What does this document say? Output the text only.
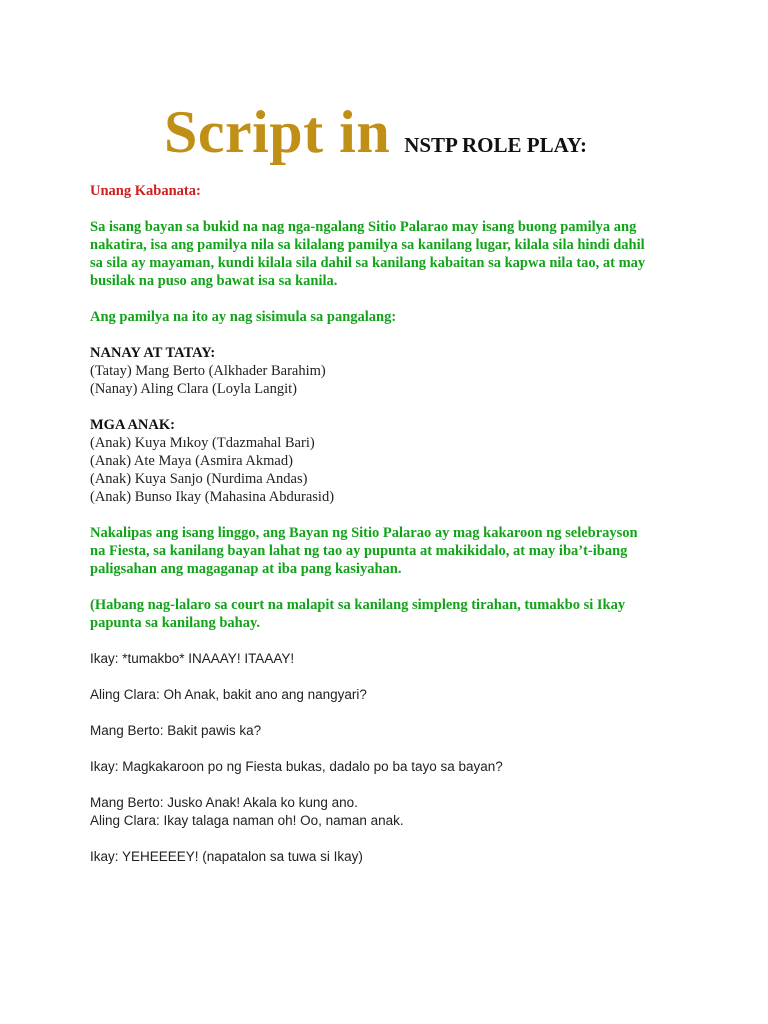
Script in NSTP ROLE PLAY:

Unang Kabanata:

Sa isang bayan sa bukid na nag nga-ngalang Sitio Palarao may isang buong pamilya ang

nakatira, isa ang pamilya nila sa kilalang pamilya sa kanilang lugar, kilala sila hindi dahil

sa sila ay mayaman, kundi kilala sila dahil sa kanilang kabaitan sa kapwa nila tao, at may

busilak na puso ang bawat isa sa kanila.

Ang pamilya na ito ay nag sisimula sa pangalang:

NANAY AT TATAY:

(Tatay) Mang Berto (Alkhader Barahim)

(Nanay) Aling Clara (Loyla Langit)

MGA ANAK:

(Anak) Kuya Mıkoy (Tdazmahal Bari)

(Anak) Ate Maya (Asmira Akmad)

(Anak) Kuya Sanjo (Nurdima Andas)

(Anak) Bunso Ikay (Mahasina Abdurasid)

Nakalipas ang isang linggo, ang Bayan ng Sitio Palarao ay mag kakaroon ng selebrayson

na Fiesta, sa kanilang bayan lahat ng tao ay pupunta at makikidalo, at may iba’t-ibang

paligsahan ang magaganap at iba pang kasiyahan.

(Habang nag-lalaro sa court na malapit sa kanilang simpleng tirahan, tumakbo si Ikay

papunta sa kanilang bahay.

Ikay: *tumakbo* INAAAY! ITAAAY!

Aling Clara: Oh Anak, bakit ano ang nangyari?

Mang Berto: Bakit pawis ka?

Ikay: Magkakaroon po ng Fiesta bukas, dadalo po ba tayo sa bayan?

Mang Berto: Jusko Anak! Akala ko kung ano.

Aling Clara: Ikay talaga naman oh! Oo, naman anak.

Ikay: YEHEEEEY! (napatalon sa tuwa si Ikay)
